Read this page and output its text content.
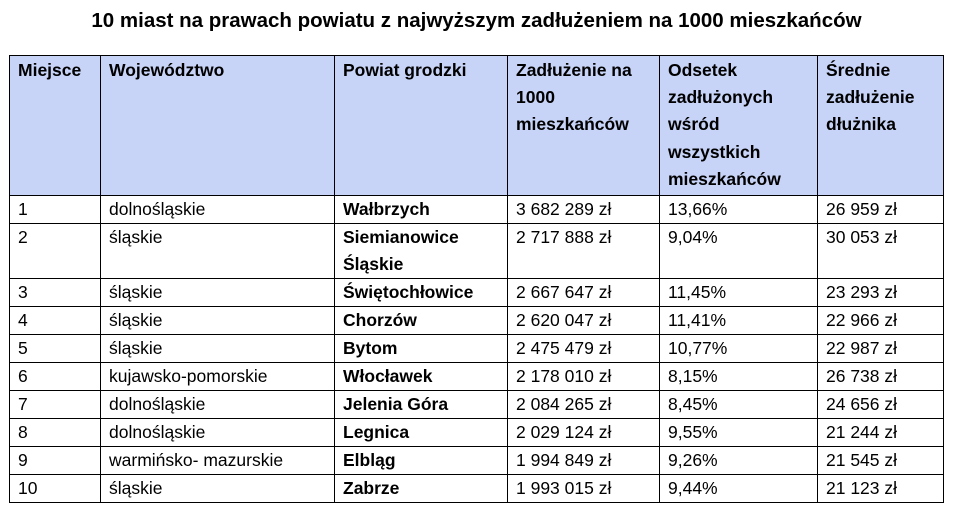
10 miast na prawach powiatu z najwyższym zadłużeniem na 1000 mieszkańców
Miejsce	Województwo	Powiat grodzki	Zadłużenie na 1000 mieszkańców	Odsetek zadłużonych wśród wszystkich mieszkańców	Średnie zadłużenie dłużnika
1	dolnośląskie	Wałbrzych	3 682 289 zł	13,66%	26 959 zł
2	śląskie	Siemianowice Śląskie	2 717 888 zł	9,04%	30 053 zł
3	śląskie	Świętochłowice	2 667 647 zł	11,45%	23 293 zł
4	śląskie	Chorzów	2 620 047 zł	11,41%	22 966 zł
5	śląskie	Bytom	2 475 479 zł	10,77%	22 987 zł
6	kujawsko-pomorskie	Włocławek	2 178 010 zł	8,15%	26 738 zł
7	dolnośląskie	Jelenia Góra	2 084 265 zł	8,45%	24 656 zł
8	dolnośląskie	Legnica	2 029 124 zł	9,55%	21 244 zł
9	warmińsko- mazurskie	Elbląg	1 994 849 zł	9,26%	21 545 zł
10	śląskie	Zabrze	1 993 015 zł	9,44%	21 123 zł
